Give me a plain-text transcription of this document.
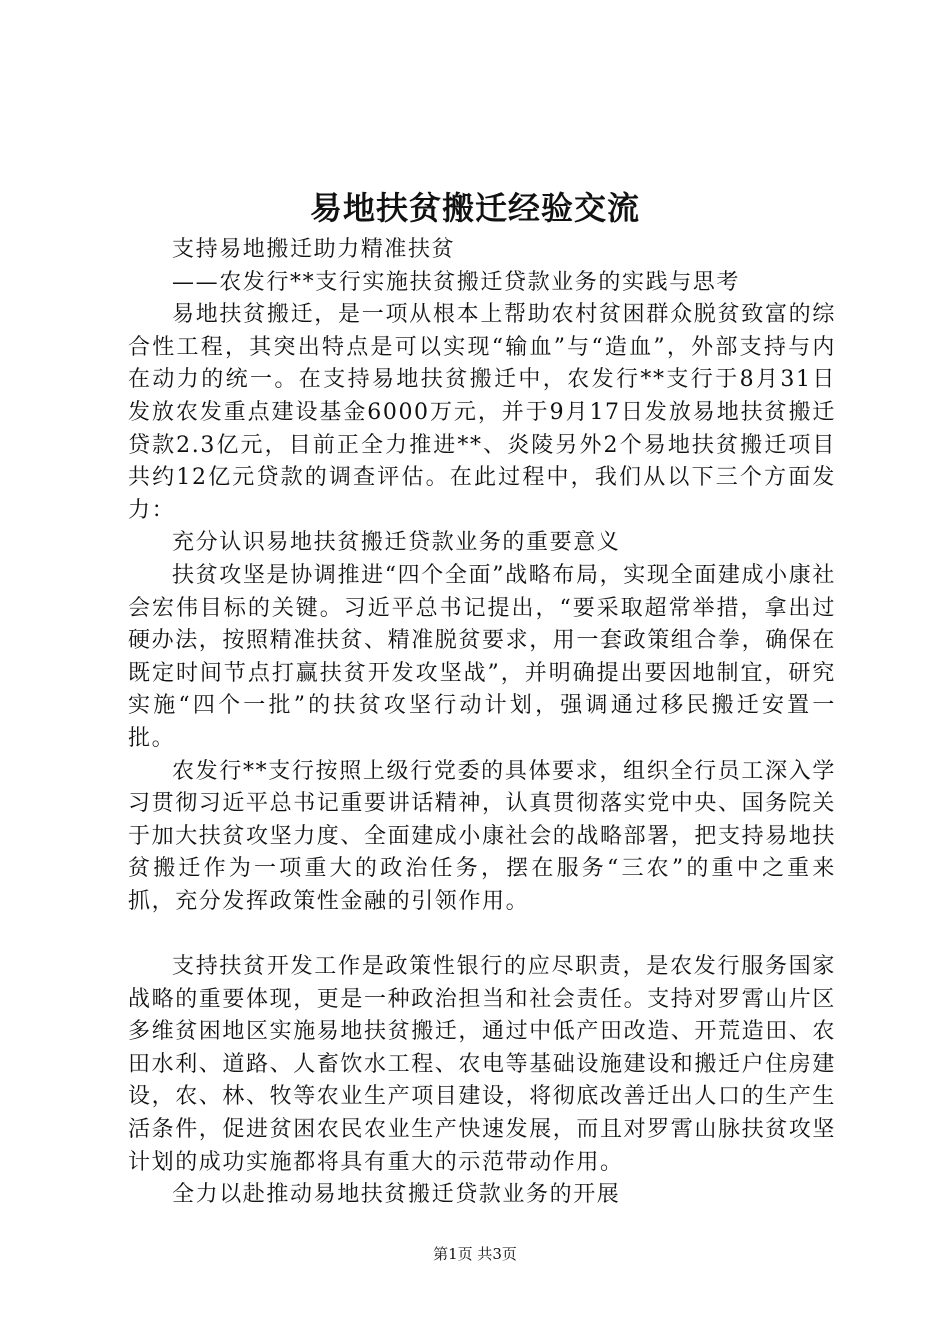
易地扶贫搬迁经验交流

支持易地搬迁助力精准扶贫

——农发行**支行实施扶贫搬迁贷款业务的实践与思考

易地扶贫搬迁，是一项从根本上帮助农村贫困群众脱贫致富的综合性工程，其突出特点是可以实现“输血”与“造血”，外部支持与内在动力的统一。在支持易地扶贫搬迁中，农发行**支行于8月31日发放农发重点建设基金6000万元，并于9月17日发放易地扶贫搬迁贷款2.3亿元，目前正全力推进**、炎陵另外2个易地扶贫搬迁项目共约12亿元贷款的调查评估。在此过程中，我们从以下三个方面发力：

充分认识易地扶贫搬迁贷款业务的重要意义

扶贫攻坚是协调推进“四个全面”战略布局，实现全面建成小康社会宏伟目标的关键。习近平总书记提出，“要采取超常举措，拿出过硬办法，按照精准扶贫、精准脱贫要求，用一套政策组合拳，确保在既定时间节点打赢扶贫开发攻坚战”，并明确提出要因地制宜，研究实施“四个一批”的扶贫攻坚行动计划，强调通过移民搬迁安置一批。

农发行**支行按照上级行党委的具体要求，组织全行员工深入学习贯彻习近平总书记重要讲话精神，认真贯彻落实党中央、国务院关于加大扶贫攻坚力度、全面建成小康社会的战略部署，把支持易地扶贫搬迁作为一项重大的政治任务，摆在服务“三农”的重中之重来抓，充分发挥政策性金融的引领作用。

支持扶贫开发工作是政策性银行的应尽职责，是农发行服务国家战略的重要体现，更是一种政治担当和社会责任。支持对罗霄山片区多维贫困地区实施易地扶贫搬迁，通过中低产田改造、开荒造田、农田水利、道路、人畜饮水工程、农电等基础设施建设和搬迁户住房建设，农、林、牧等农业生产项目建设，将彻底改善迁出人口的生产生活条件，促进贫困农民农业生产快速发展，而且对罗霄山脉扶贫攻坚计划的成功实施都将具有重大的示范带动作用。

全力以赴推动易地扶贫搬迁贷款业务的开展

第1页 共3页
